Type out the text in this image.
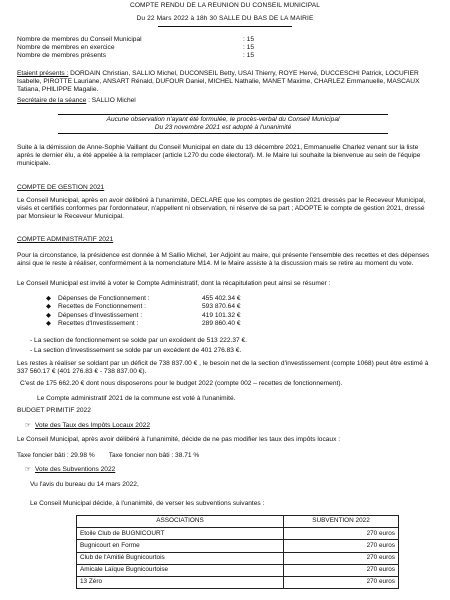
COMPTE RENDU DE LA REUNION DU CONSEIL MUNICIPAL
Du 22 Mars 2022 à 18h 30 SALLE DU BAS DE LA MAIRIE
Nombre de membres du Conseil Municipal	: 15
Nombre de membres en exercice	: 15
Nombre de membres présents	: 15
Etaient présents : DORDAIN Christian, SALLIO Michel, DUCONSEIL Betty, USAI Thierry, ROYE Hervé, DUCCESCHI Patrick, LOCUFIER Isabelle, PIROTTE Lauriane, ANSART Rénald, DUFOUR Daniel, MICHEL Nathalie, MANET Maxime, CHARLEZ Emmanuelle, MASCAUX Tatiana, PHILIPPE Magalie.
Secrétaire de la séance : SALLIO Michel
Aucune observation n'ayant été formulée, le procès-verbal du Conseil Municipal
Du 23 novembre 2021 est adopté à l'unanimité
Suite à la démission de Anne-Sophie Vaillant du Conseil Municipal en date du 13 décembre 2021, Emmanuelle Charlez venant sur la liste après le dernier élu, a été appelée à la remplacer (article L270 du code électoral). M. le Maire lui souhaite la bienvenue au sein de l'équipe municipale.
COMPTE DE GESTION 2021
Le Conseil Municipal, après en avoir délibéré à l'unanimité, DECLARE que les comptes de gestion 2021 dressés par le Receveur Municipal, visés et certifiés conformes par l'ordonnateur, n'appellent ni observation, ni réserve de sa part ; ADOPTE le compte de gestion 2021, dressé par Monsieur le Receveur Municipal.
COMPTE ADMINISTRATIF 2021
Pour la circonstance, la présidence est donnée à M Sallio Michel, 1er Adjoint au maire, qui présente l'ensemble des recettes et des dépenses ainsi que le reste à réaliser, conformément à la nomenclature M14. M le Maire assiste à la discussion mais se retire au moment du vote.
Le Conseil Municipal est invité à voter le Compte Administratif, dont la récapitulation peut ainsi se résumer :
◆	Dépenses de Fonctionnement :	455 402.34 €
◆	Recettes de Fonctionnement :	593 870.64 €
◆	Dépenses d'Investissement :	419 101.32 €
◆	Recettes d'Investissement :	289 860.40 €
- La section de fonctionnement se solde par un excédent de 513 222.37 €.
- La section d'investissement se solde par un excédent de 401 276.83 €.
Les restes à réaliser se soldant par un déficit de 738 837.00 € , le besoin net de la section d'investissement (compte 1068) peut être estimé à 337 560.17 € (401 276.83 € - 738 837.00 €).
C'est de 175 662.20 € dont nous disposerons pour le budget 2022 (compte 002 – recettes de fonctionnement).
Le Compte administratif 2021 de la commune est voté à l'unanimité.
BUDGET PRIMITIF 2022
☞ Vote des Taux des Impôts Locaux 2022
Le Conseil Municipal, après avoir délibéré à l'unanimité, décide de ne pas modifier les taux des impôts locaux :
Taxe foncier bâti : 29.98 % Taxe foncier non bâti : 38.71 %
☞ Vote des Subventions 2022
Vu l'avis du bureau du 14 mars 2022,
Le Conseil Municipal décide, à l'unanimité, de verser les subventions suivantes :
ASSOCIATIONS	SUBVENTION 2022
Etoile Club de BUGNICOURT	270 euros
Bugnicourt en Forme	270 euros
Club de l'Amitié Bugnicourtois	270 euros
Amicale Laïque Bugnicourtoise	270 euros
13 Zéro	270 euros
